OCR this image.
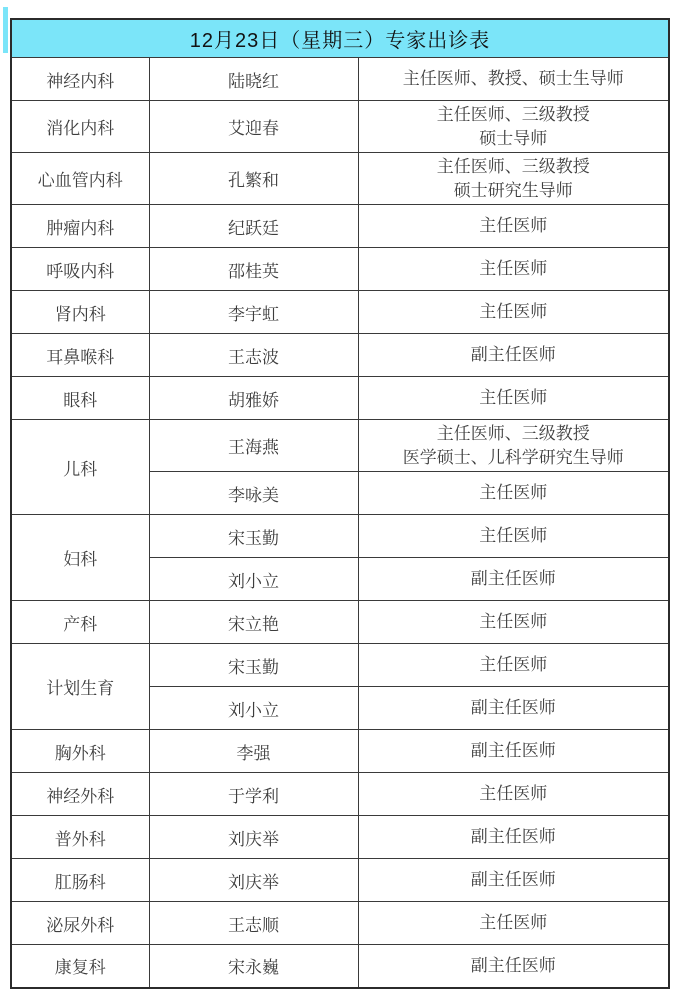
12月23日（星期三）专家出诊表		
神经内科	陆晓红	主任医师、教授、硕士生导师

消化内科	艾迎春	主任医师、三级教授
硕士导师

心血管内科	孔繁和	主任医师、三级教授
硕士研究生导师

肿瘤内科	纪跃廷	主任医师

呼吸内科	邵桂英	主任医师

肾内科	李宇虹	主任医师

耳鼻喉科	王志波	副主任医师

眼科	胡雅娇	主任医师

儿科	王海燕	主任医师、三级教授
医学硕士、儿科学研究生导师

	李咏美	主任医师

妇科	宋玉勤	主任医师

	刘小立	副主任医师

产科	宋立艳	主任医师

计划生育	宋玉勤	主任医师

	刘小立	副主任医师

胸外科	李强	副主任医师

神经外科	于学利	主任医师

普外科	刘庆举	副主任医师

肛肠科	刘庆举	副主任医师

泌尿外科	王志顺	主任医师

康复科	宋永巍	副主任医师
